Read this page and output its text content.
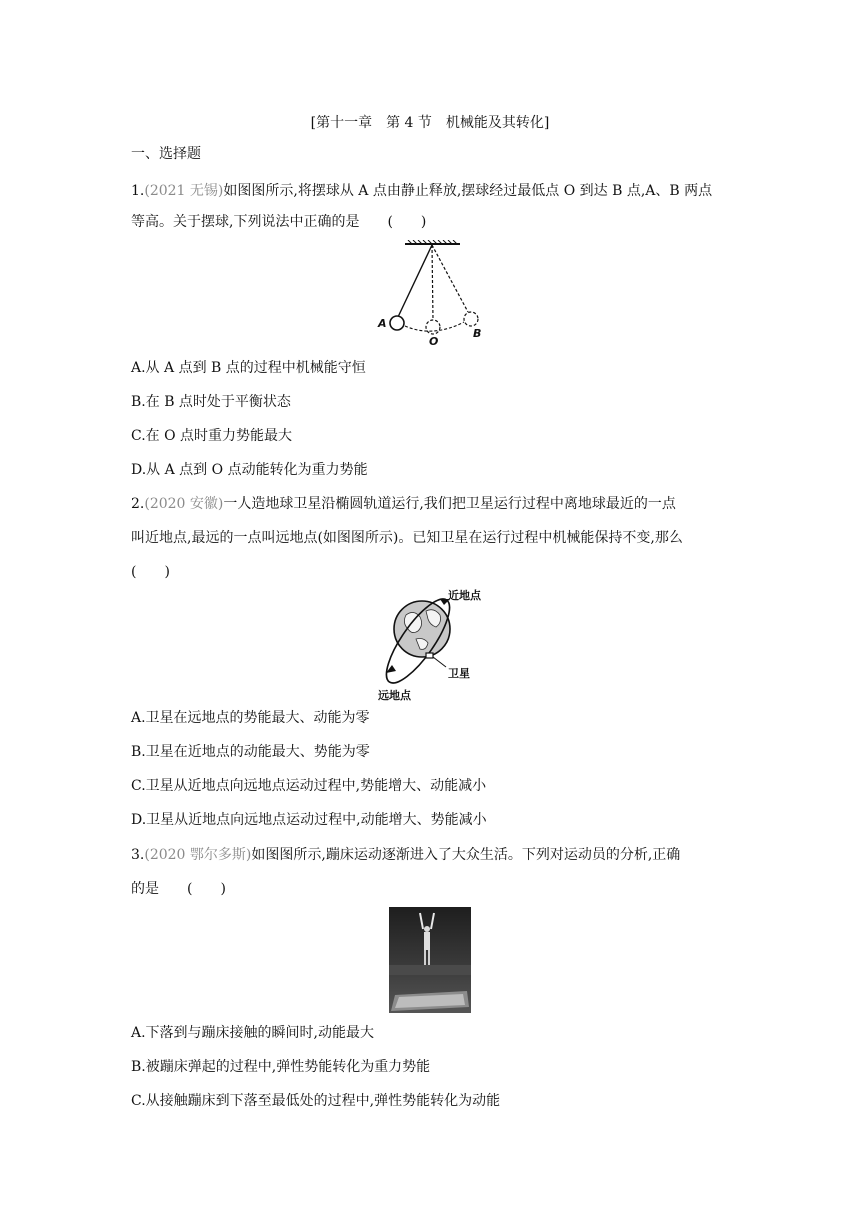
[第十一章　第 4 节　机械能及其转化]
一、选择题
1.(2021 无锡)如图图所示,将摆球从 A 点由静止释放,摆球经过最低点 O 到达 B 点,A、B 两点
等高。关于摆球,下列说法中正确的是　　(　　)
A
O
B
A.从 A 点到 B 点的过程中机械能守恒
B.在 B 点时处于平衡状态
C.在 O 点时重力势能最大
D.从 A 点到 O 点动能转化为重力势能
2.(2020 安徽)一人造地球卫星沿椭圆轨道运行,我们把卫星运行过程中离地球最近的一点
叫近地点,最远的一点叫远地点(如图图所示)。已知卫星在运行过程中机械能保持不变,那么
(　　)
近地点
卫星
远地点
A.卫星在远地点的势能最大、动能为零
B.卫星在近地点的动能最大、势能为零
C.卫星从近地点向远地点运动过程中,势能增大、动能减小
D.卫星从近地点向远地点运动过程中,动能增大、势能减小
3.(2020 鄂尔多斯)如图图所示,蹦床运动逐渐进入了大众生活。下列对运动员的分析,正确
的是　　(　　)
A.下落到与蹦床接触的瞬间时,动能最大
B.被蹦床弹起的过程中,弹性势能转化为重力势能
C.从接触蹦床到下落至最低处的过程中,弹性势能转化为动能
